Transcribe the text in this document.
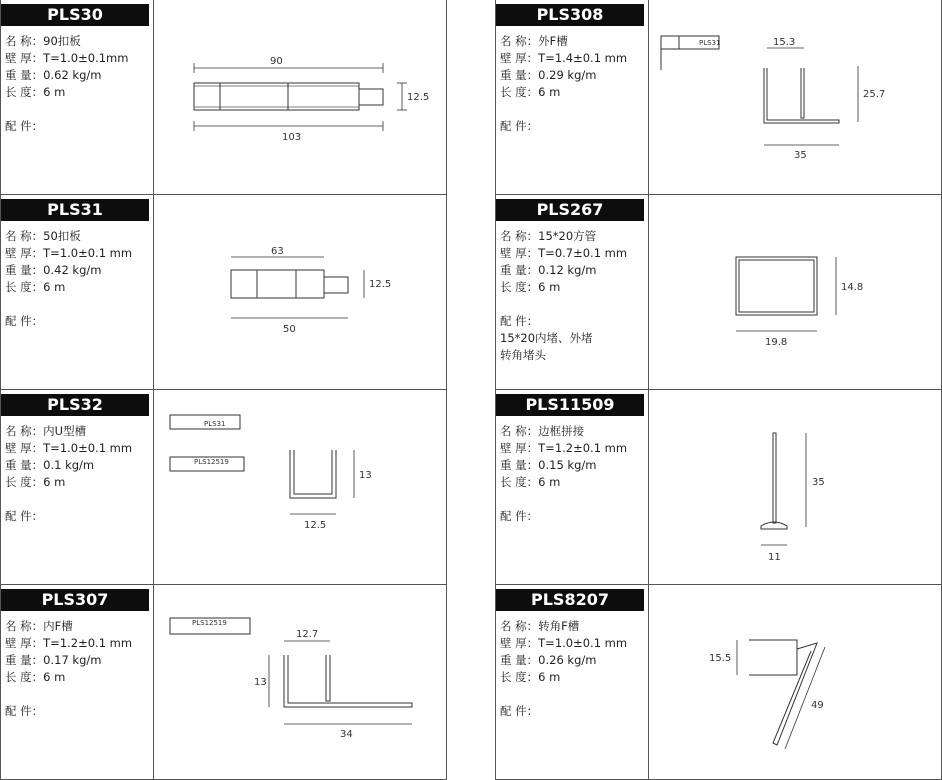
PLS30
名 称：90扣板
壁 厚：T=1.0±0.1mm
重 量：0.62 kg/m
长 度：6 m
配 件：
90
12.5
103
PLS308
名 称：外F槽
壁 厚：T=1.4±0.1 mm
重 量：0.29 kg/m
长 度：6 m
配 件：
PLS31	15.3
25.7
35
PLS31
名 称：50扣板
壁 厚：T=1.0±0.1 mm
重 量：0.42 kg/m
长 度：6 m
配 件：
63
12.5
50
PLS267
名 称：15*20方管
壁 厚：T=0.7±0.1 mm
重 量：0.12 kg/m
长 度：6 m
配 件：
15*20内堵、外堵
转角堵头
14.8
19.8
PLS32
名 称：内U型槽
壁 厚：T=1.0±0.1 mm
重 量：0.1 kg/m
长 度：6 m
配 件：
PLS31
PLS12519
13
12.5
PLS11509
名 称：边框拼接
壁 厚：T=1.2±0.1 mm
重 量：0.15 kg/m
长 度：6 m
配 件：
35
11
PLS307
名 称：内F槽
壁 厚：T=1.2±0.1 mm
重 量：0.17 kg/m
长 度：6 m
配 件：
PLS12519
12.7
13
34
PLS8207
名 称：转角F槽
壁 厚：T=1.0±0.1 mm
重 量：0.26 kg/m
长 度：6 m
配 件：
15.5
49
